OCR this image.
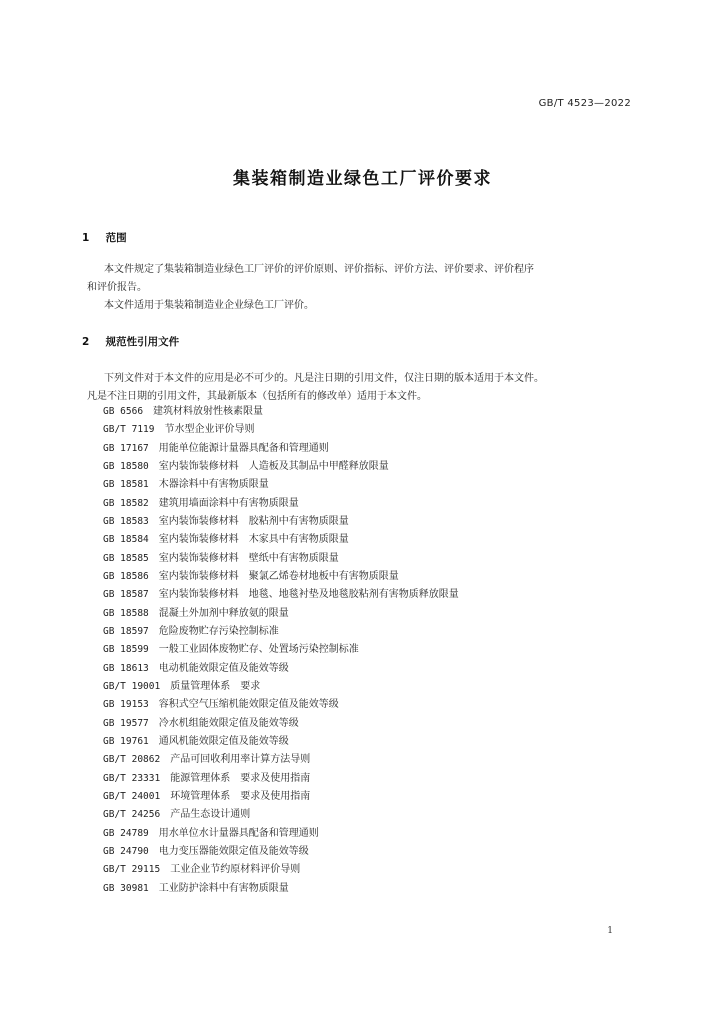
GB/T 4523—2022
集装箱制造业绿色工厂评价要求
1 范围
本文件规定了集装箱制造业绿色工厂评价的评价原则、评价指标、评价方法、评价要求、评价程序
和评价报告。
本文件适用于集装箱制造业企业绿色工厂评价。
2 规范性引用文件
下列文件对于本文件的应用是必不可少的。凡是注日期的引用文件，仅注日期的版本适用于本文件。
凡是不注日期的引用文件，其最新版本（包括所有的修改单）适用于本文件。
GB 6566 建筑材料放射性核素限量
GB/T 7119 节水型企业评价导则
GB 17167 用能单位能源计量器具配备和管理通则
GB 18580 室内装饰装修材料　人造板及其制品中甲醛释放限量
GB 18581 木器涂料中有害物质限量
GB 18582 建筑用墙面涂料中有害物质限量
GB 18583 室内装饰装修材料　胶粘剂中有害物质限量
GB 18584 室内装饰装修材料　木家具中有害物质限量
GB 18585 室内装饰装修材料　壁纸中有害物质限量
GB 18586 室内装饰装修材料　聚氯乙烯卷材地板中有害物质限量
GB 18587 室内装饰装修材料　地毯、地毯衬垫及地毯胶粘剂有害物质释放限量
GB 18588 混凝土外加剂中释放氨的限量
GB 18597 危险废物贮存污染控制标准
GB 18599 一般工业固体废物贮存、处置场污染控制标准
GB 18613 电动机能效限定值及能效等级
GB/T 19001 质量管理体系　要求
GB 19153 容积式空气压缩机能效限定值及能效等级
GB 19577 冷水机组能效限定值及能效等级
GB 19761 通风机能效限定值及能效等级
GB/T 20862 产品可回收利用率计算方法导则
GB/T 23331 能源管理体系　要求及使用指南
GB/T 24001 环境管理体系　要求及使用指南
GB/T 24256 产品生态设计通则
GB 24789 用水单位水计量器具配备和管理通则
GB 24790 电力变压器能效限定值及能效等级
GB/T 29115 工业企业节约原材料评价导则
GB 30981 工业防护涂料中有害物质限量
1
